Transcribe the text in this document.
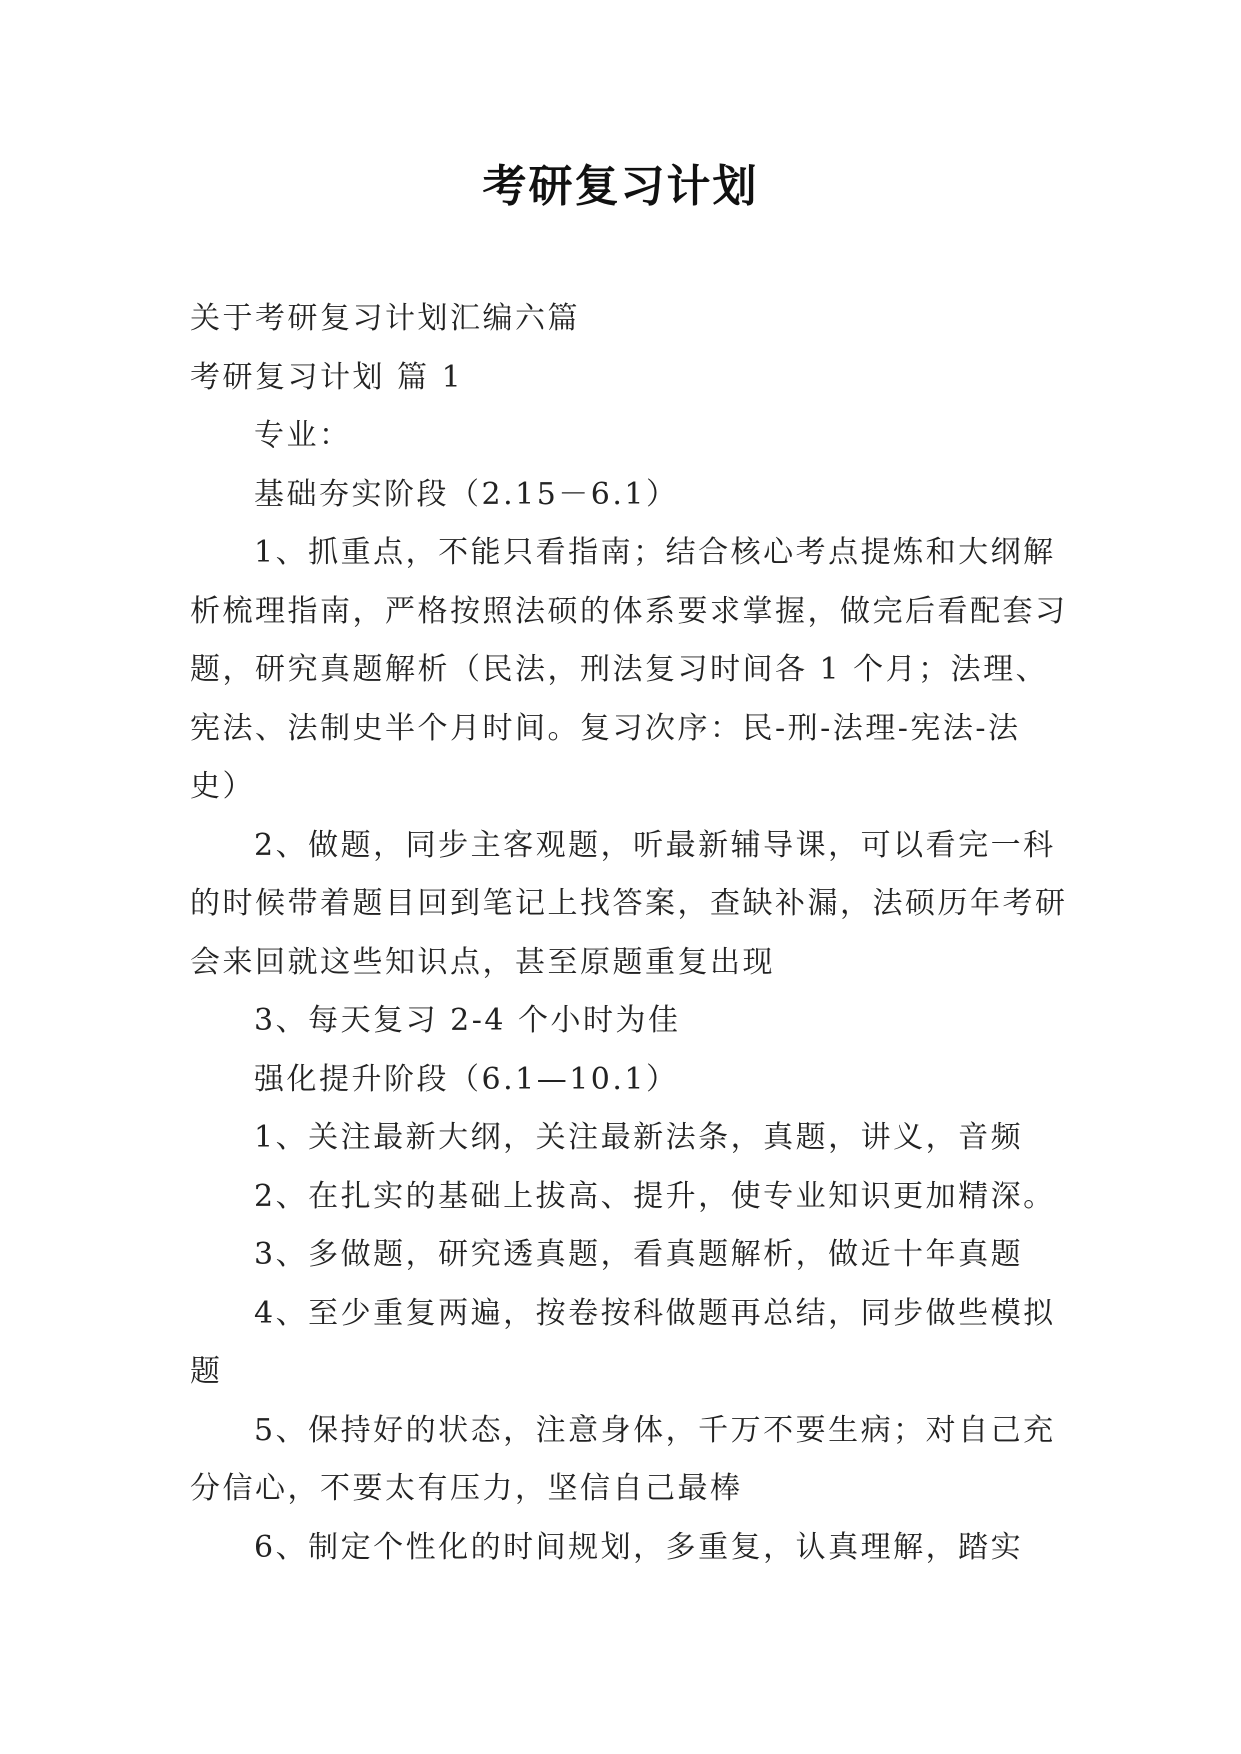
考研复习计划

关于考研复习计划汇编六篇

考研复习计划 篇 1

专业：

基础夯实阶段（2.15－6.1）

1、抓重点，不能只看指南；结合核心考点提炼和大纲解析梳理指南，严格按照法硕的体系要求掌握，做完后看配套习题，研究真题解析（民法，刑法复习时间各 1 个月；法理、宪法、法制史半个月时间。复习次序：民-刑-法理-宪法-法史）

2、做题，同步主客观题，听最新辅导课，可以看完一科的时候带着题目回到笔记上找答案，查缺补漏，法硕历年考研会来回就这些知识点，甚至原题重复出现

3、每天复习 2-4 个小时为佳

强化提升阶段（6.1—10.1）

1、关注最新大纲，关注最新法条，真题，讲义，音频

2、在扎实的基础上拔高、提升，使专业知识更加精深。

3、多做题，研究透真题，看真题解析，做近十年真题

4、至少重复两遍，按卷按科做题再总结，同步做些模拟题

5、保持好的状态，注意身体，千万不要生病；对自己充分信心，不要太有压力，坚信自己最棒

6、制定个性化的时间规划，多重复，认真理解，踏实
